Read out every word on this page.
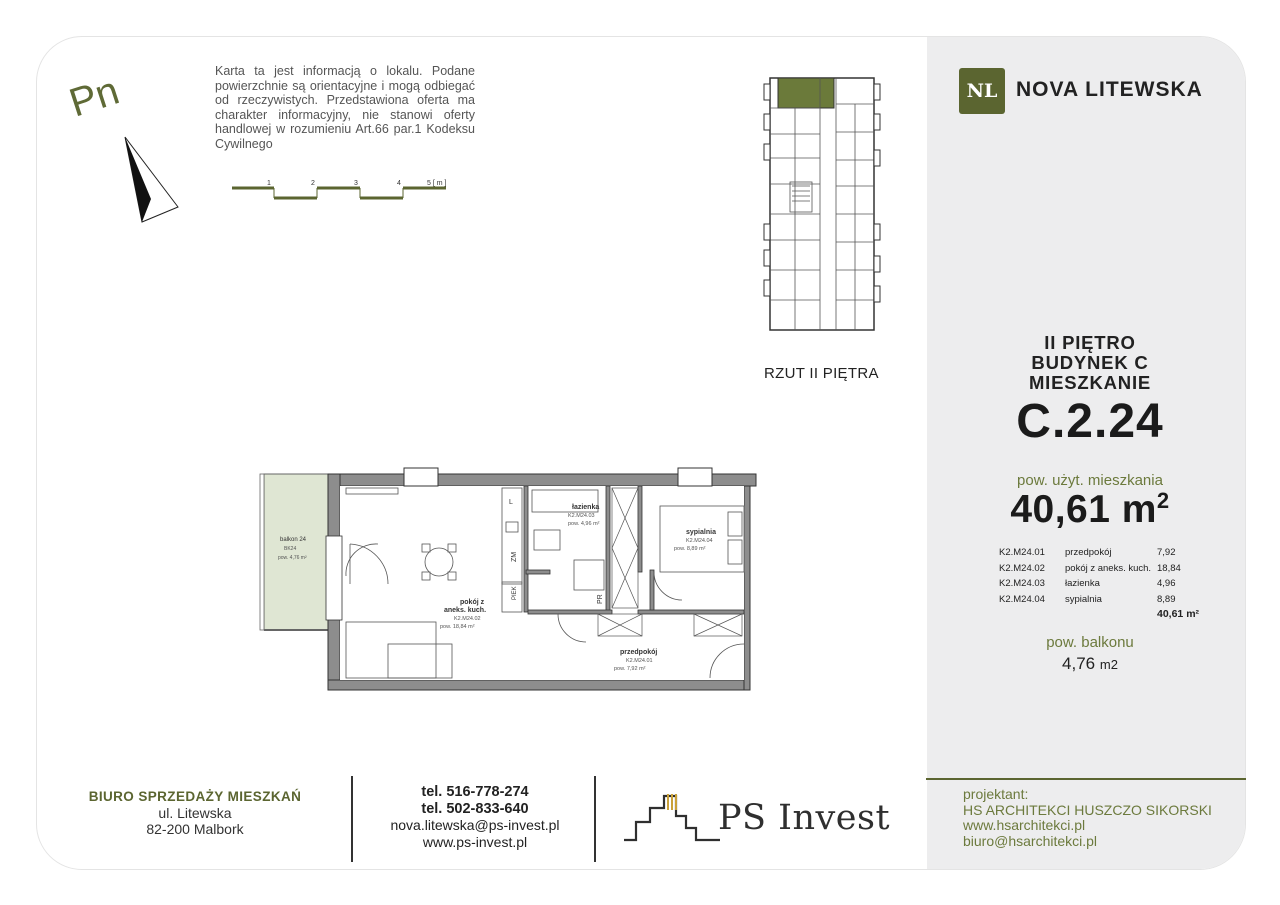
Pn	Karta ta jest informacją o lokalu. Podane powierzchnie są orientacyjne i mogą odbiegać od rzeczywistych. Przedstawiona oferta ma charakter informacyjny, nie stanowi oferty handlowej w rozumieniu Art.66 par.1 Kodeksu Cywilnego
1	2	3	4	5 [ m ]
RZUT II PIĘTRA
NL NOVA LITEWSKA
II PIĘTRO
BUDYNEK C
MIESZKANIE
C.2.24
pow. użyt. mieszkania
40,61 $m^2$
K2.M24.01	przedpokój	7,92
K2.M24.02	pokój z aneks. kuch. 18,84
K2.M24.03	łazienka	4,96
K2.M24.04	sypialnia	8,89
40,61 m²
pow. balkonu
4,76 m2
projektant:
HS ARCHITEKCI HUSZCZO SIKORSKI
www.hsarchitekci.pl
biuro@hsarchitekci.pl
BIURO SPRZEDAŻY MIESZKAŃ
ul. Litewska
82-200 Malbork
tel. 516-778-274
tel. 502-833-640
nova.litewska@ps-invest.pl
www.ps-invest.pl
PS Invest
balkon 24
BK24
pow. 4,76 m²
L
ZM
PIEK
łazienka
K2.M24.03
pow. 4,96 m²
PR
sypialnia
K2.M24.04
pow. 8,89 m²
pokój z
aneks. kuch.
K2.M24.02
pow. 18,84 m²
przedpokój
K2.M24.01
pow. 7,92 m²
